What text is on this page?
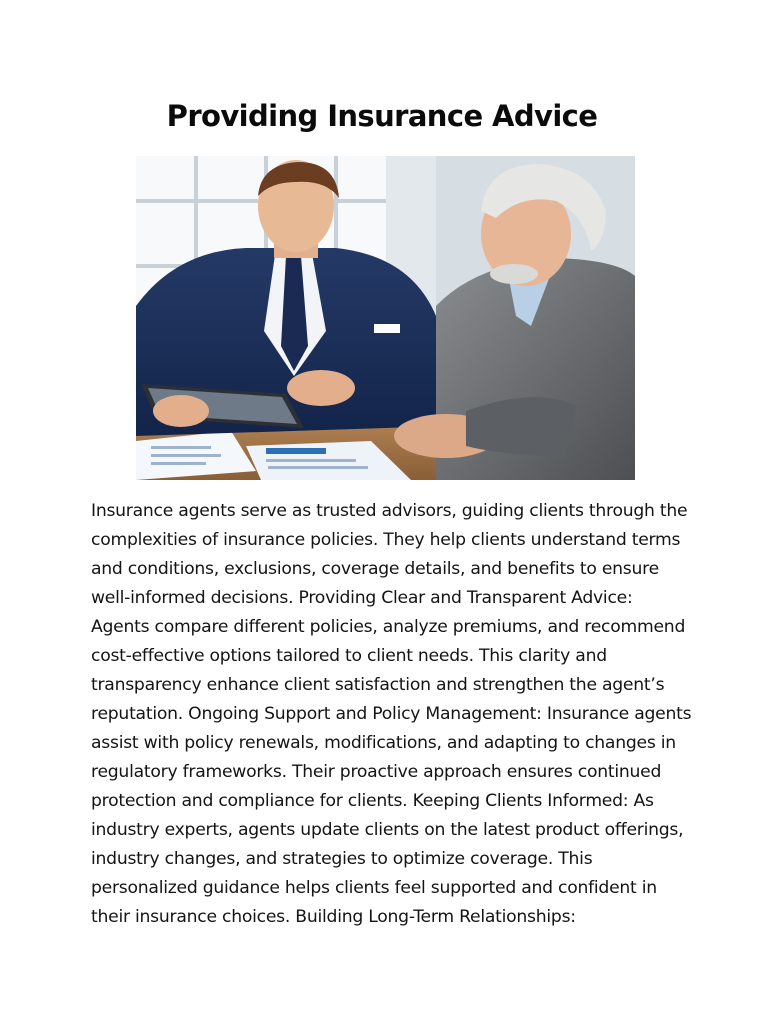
Providing Insurance Advice
Insurance agents serve as trusted advisors, guiding clients through the
complexities of insurance policies. They help clients understand terms
and conditions, exclusions, coverage details, and benefits to ensure
well-informed decisions. Providing Clear and Transparent Advice:
Agents compare different policies, analyze premiums, and recommend
cost-effective options tailored to client needs. This clarity and
transparency enhance client satisfaction and strengthen the agent’s
reputation. Ongoing Support and Policy Management: Insurance agents
assist with policy renewals, modifications, and adapting to changes in
regulatory frameworks. Their proactive approach ensures continued
protection and compliance for clients. Keeping Clients Informed: As
industry experts, agents update clients on the latest product offerings,
industry changes, and strategies to optimize coverage. This
personalized guidance helps clients feel supported and confident in
their insurance choices. Building Long-Term Relationships:
